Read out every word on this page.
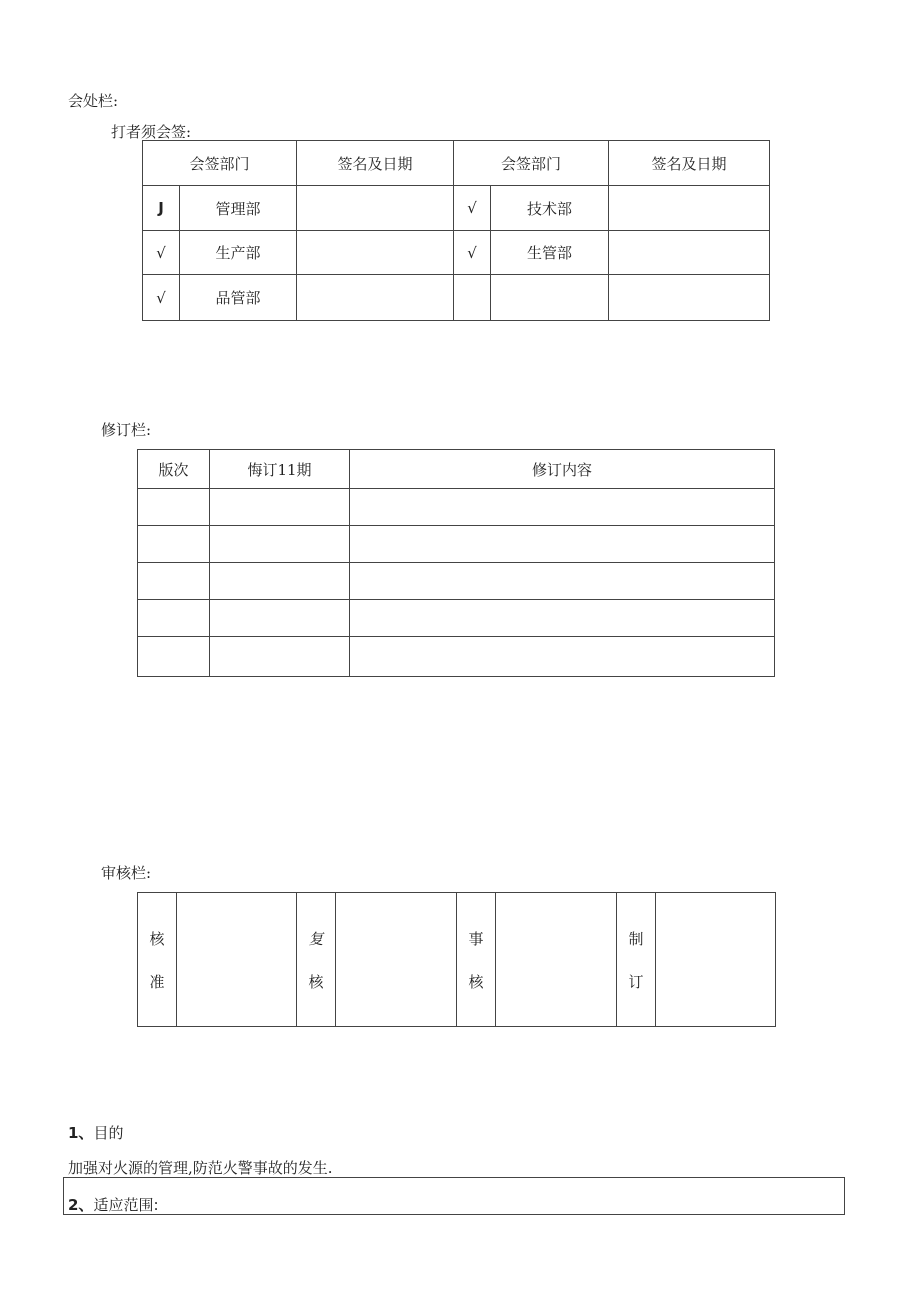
会处栏:
打者须会签:
会签部门		签名及日期	会签部门		签名及日期
J	管理部		√	技术部	
√	生产部		√	生管部	
√	品管部				
修订栏:
版次	悔订11期	修订内容

审核栏:
核
准

复
核

事
核

制
订

1、目的
加强对火源的管理,防范火警事故的发生.
2、适应范围:
